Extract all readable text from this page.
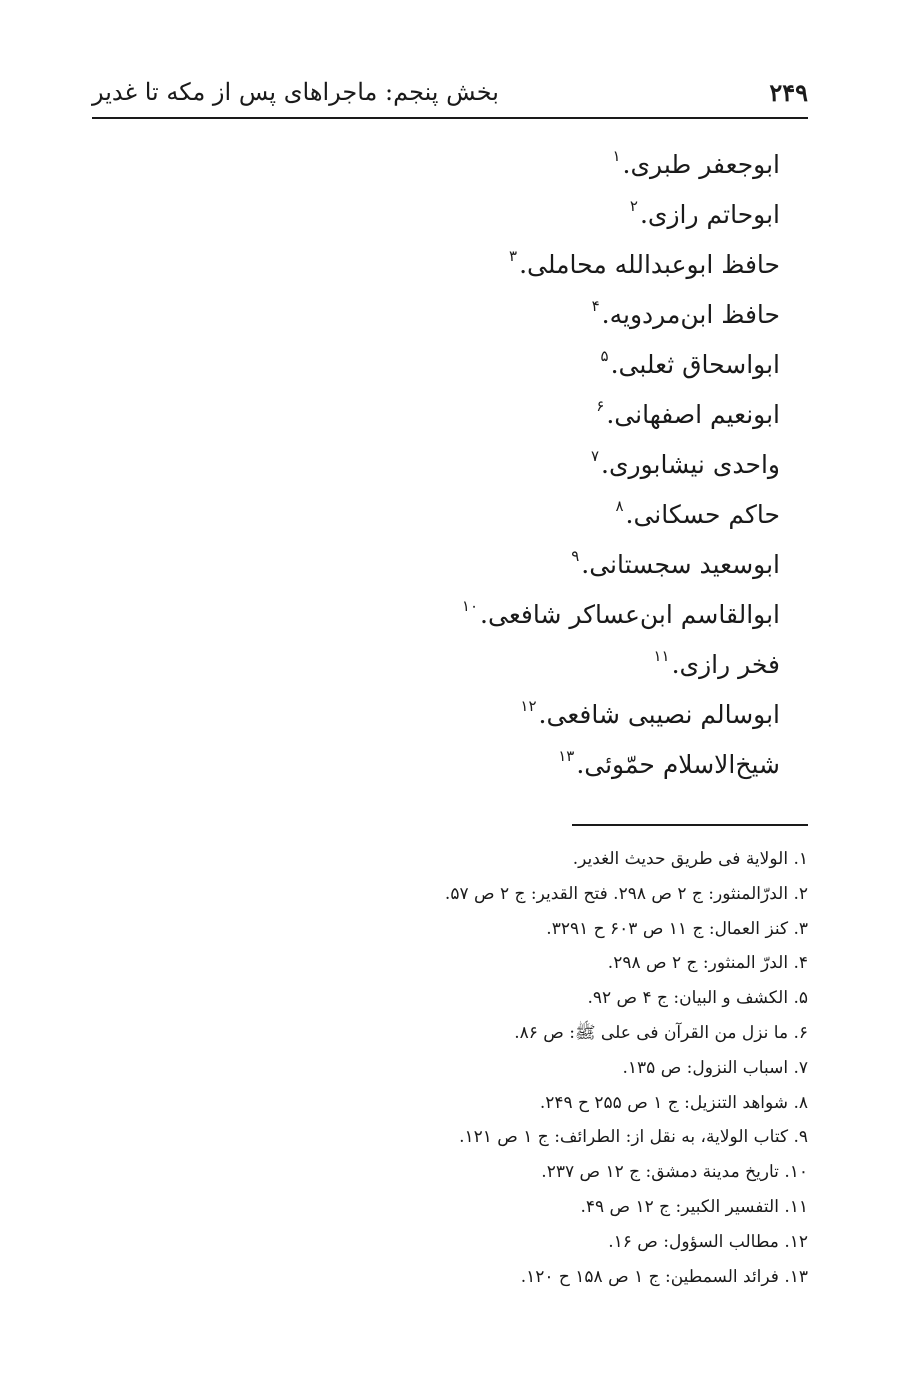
بخش پنجم: ماجراهای پس از مکه تا غدیر	۲۴۹
ابوجعفر طبری.$^۱$
ابوحاتم رازی.$^۲$
حافظ ابوعبدالله محاملی.$^۳$
حافظ ابن‌مردویه.$^۴$
ابواسحاق ثعلبی.$^۵$
ابونعیم اصفهانی.$^۶$
واحدی نیشابوری.$^۷$
حاکم حسکانی.$^۸$
ابوسعید سجستانی.$^۹$
ابوالقاسم ابن‌عساکر شافعی.$^{۱۰}$
فخر رازی.$^{۱۱}$
ابوسالم نصیبی شافعی.$^{۱۲}$
شیخ‌الاسلام حمّوئی.$^{۱۳}$
۱. الولایة فی طریق حدیث الغدیر.
۲. الدرّالمنثور: ج ۲ ص ۲۹۸. فتح القدیر: ج ۲ ص ۵۷.
۳. کنز العمال: ج ۱۱ ص ۶۰۳ ح ۳۲۹۱.
۴. الدرّ المنثور: ج ۲ ص ۲۹۸.
۵. الکشف و البیان: ج ۴ ص ۹۲.
۶. ما نزل من القرآن فی علی ﷺ: ص ۸۶.
۷. اسباب النزول: ص ۱۳۵.
۸. شواهد التنزیل: ج ۱ ص ۲۵۵ ح ۲۴۹.
۹. کتاب الولایة، به نقل از: الطرائف: ج ۱ ص ۱۲۱.
۱۰. تاریخ مدینة دمشق: ج ۱۲ ص ۲۳۷.
۱۱. التفسیر الکبیر: ج ۱۲ ص ۴۹.
۱۲. مطالب السؤول: ص ۱۶.
۱۳. فرائد السمطین: ج ۱ ص ۱۵۸ ح ۱۲۰.
